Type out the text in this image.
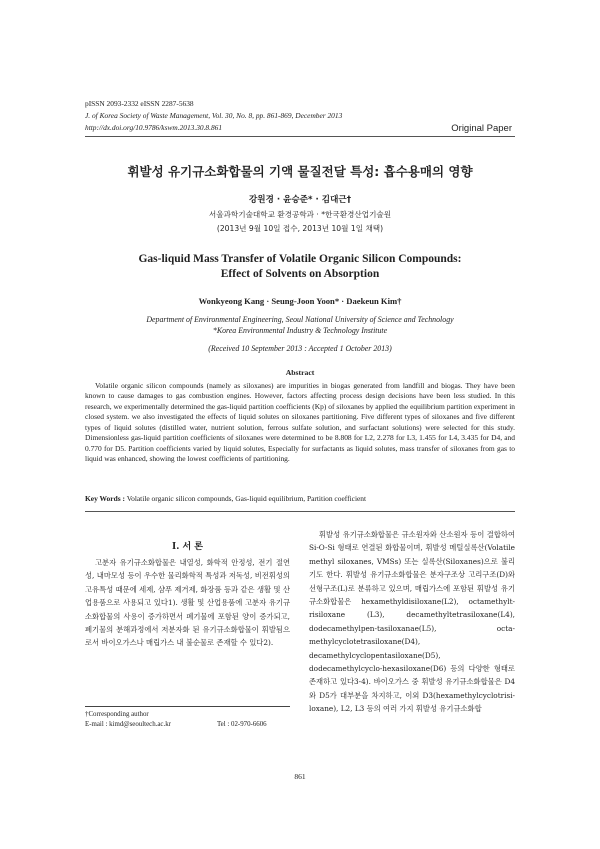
pISSN 2093-2332 eISSN 2287-5638
J. of Korea Society of Waste Management, Vol. 30, No. 8, pp. 861-869, December 2013
http://dx.doi.org/10.9786/kswm.2013.30.8.861	Original Paper
휘발성 유기규소화합물의 기액 물질전달 특성: 흡수용매의 영향
강원경 · 윤승준* · 김대근†
서울과학기술대학교 환경공학과 · *한국환경산업기술원
(2013년 9월 10일 접수, 2013년 10월 1일 채택)
Gas-liquid Mass Transfer of Volatile Organic Silicon Compounds:
Effect of Solvents on Absorption
Wonkyeong Kang · Seung-Joon Yoon* · Daekeun Kim†
Department of Environmental Engineering, Seoul National University of Science and Technology
*Korea Environmental Industry & Technology Institute
(Received 10 September 2013 : Accepted 1 October 2013)
Abstract
Volatile organic silicon compounds (namely as siloxanes) are impurities in biogas generated from landfill and biogas. They have been known to cause damages to gas combustion engines. However, factors affecting process design decisions have been less studied. In this research, we experimentally determined the gas-liquid partition coefficients (Kp) of siloxanes by applied the equilibrium partition experiment in closed system. we also investigated the effects of liquid solutes on siloxanes partitioning. Five different types of siloxanes and five different types of liquid solutes (distilled water, nutrient solution, ferrous sulfate solution, and surfactant solutions) were selected for this study. Dimensionless gas-liquid partition coefficients of siloxanes were determined to be 8.808 for L2, 2.278 for L3, 1.455 for L4, 3.435 for D4, and 0.770 for D5. Partition coefficients varied by liquid solutes, Especially for surfactants as liquid solutes, mass transfer of siloxanes from gas to liquid was enhanced, showing the lowest coefficients of partitioning.
Key Words : Volatile organic silicon compounds, Gas-liquid equilibrium, Partition coefficient
I. 서 론
고분자 유기규소화합물은 내열성, 화학적 안정성, 전기 절연성, 내마모성 등이 우수한 물리화학적 특성과 저독성, 비전휘성의 고유특성 때문에 세제, 샴푸 제거제, 화장품 등과 같은 생활 및 산업용품으로 사용되고 있다1). 생활 및 산업용품에 고분자 유기규소화합물의 사용이 증가하면서 폐기물에 포함된 양이 증가되고, 폐기물의 분해과정에서 저분자화 된 유기규소화합물이 휘발됨으로서 바이오가스나 매립가스 내 불순물로 존재할 수 있다2).
휘발성 유기규소화합물은 규소원자와 산소원자 등이 결합하여 Si-O-Si 형태로 연결된 화합물이며, 휘발성 메틸실록산(Volatile methyl siloxanes, VMSs) 또는 실록산(Siloxanes)으로 불리기도 한다. 휘발성 유기규소화합물은 분자구조상 고리구조(D)와 선형구조(L)로 분류하고 있으며, 매립가스에 포함된 휘발성 유기규소화합물은 hexamethyldisiloxane(L2), octamethylt-risiloxane (L3), decamethyltetrasiloxane(L4), dodecamethylpen-tasiloxanae(L5), octa-methylcyclotetrasiloxane(D4), decamethylcyclopentasiloxane(D5), dodecamethylcyclo-hexasiloxane(D6) 등의 다양한 형태로 존재하고 있다3-4). 바이오가스 중 휘발성 유기규소화합물은 D4와 D5가 대부분을 차지하고, 이외 D3(hexamethylcyclotrisi-loxane), L2, L3 등의 여러 가지 휘발성 유기규소화합
†Corresponding author
E-mail : kimd@seoultech.ac.kr	Tel : 02-970-6606
861
